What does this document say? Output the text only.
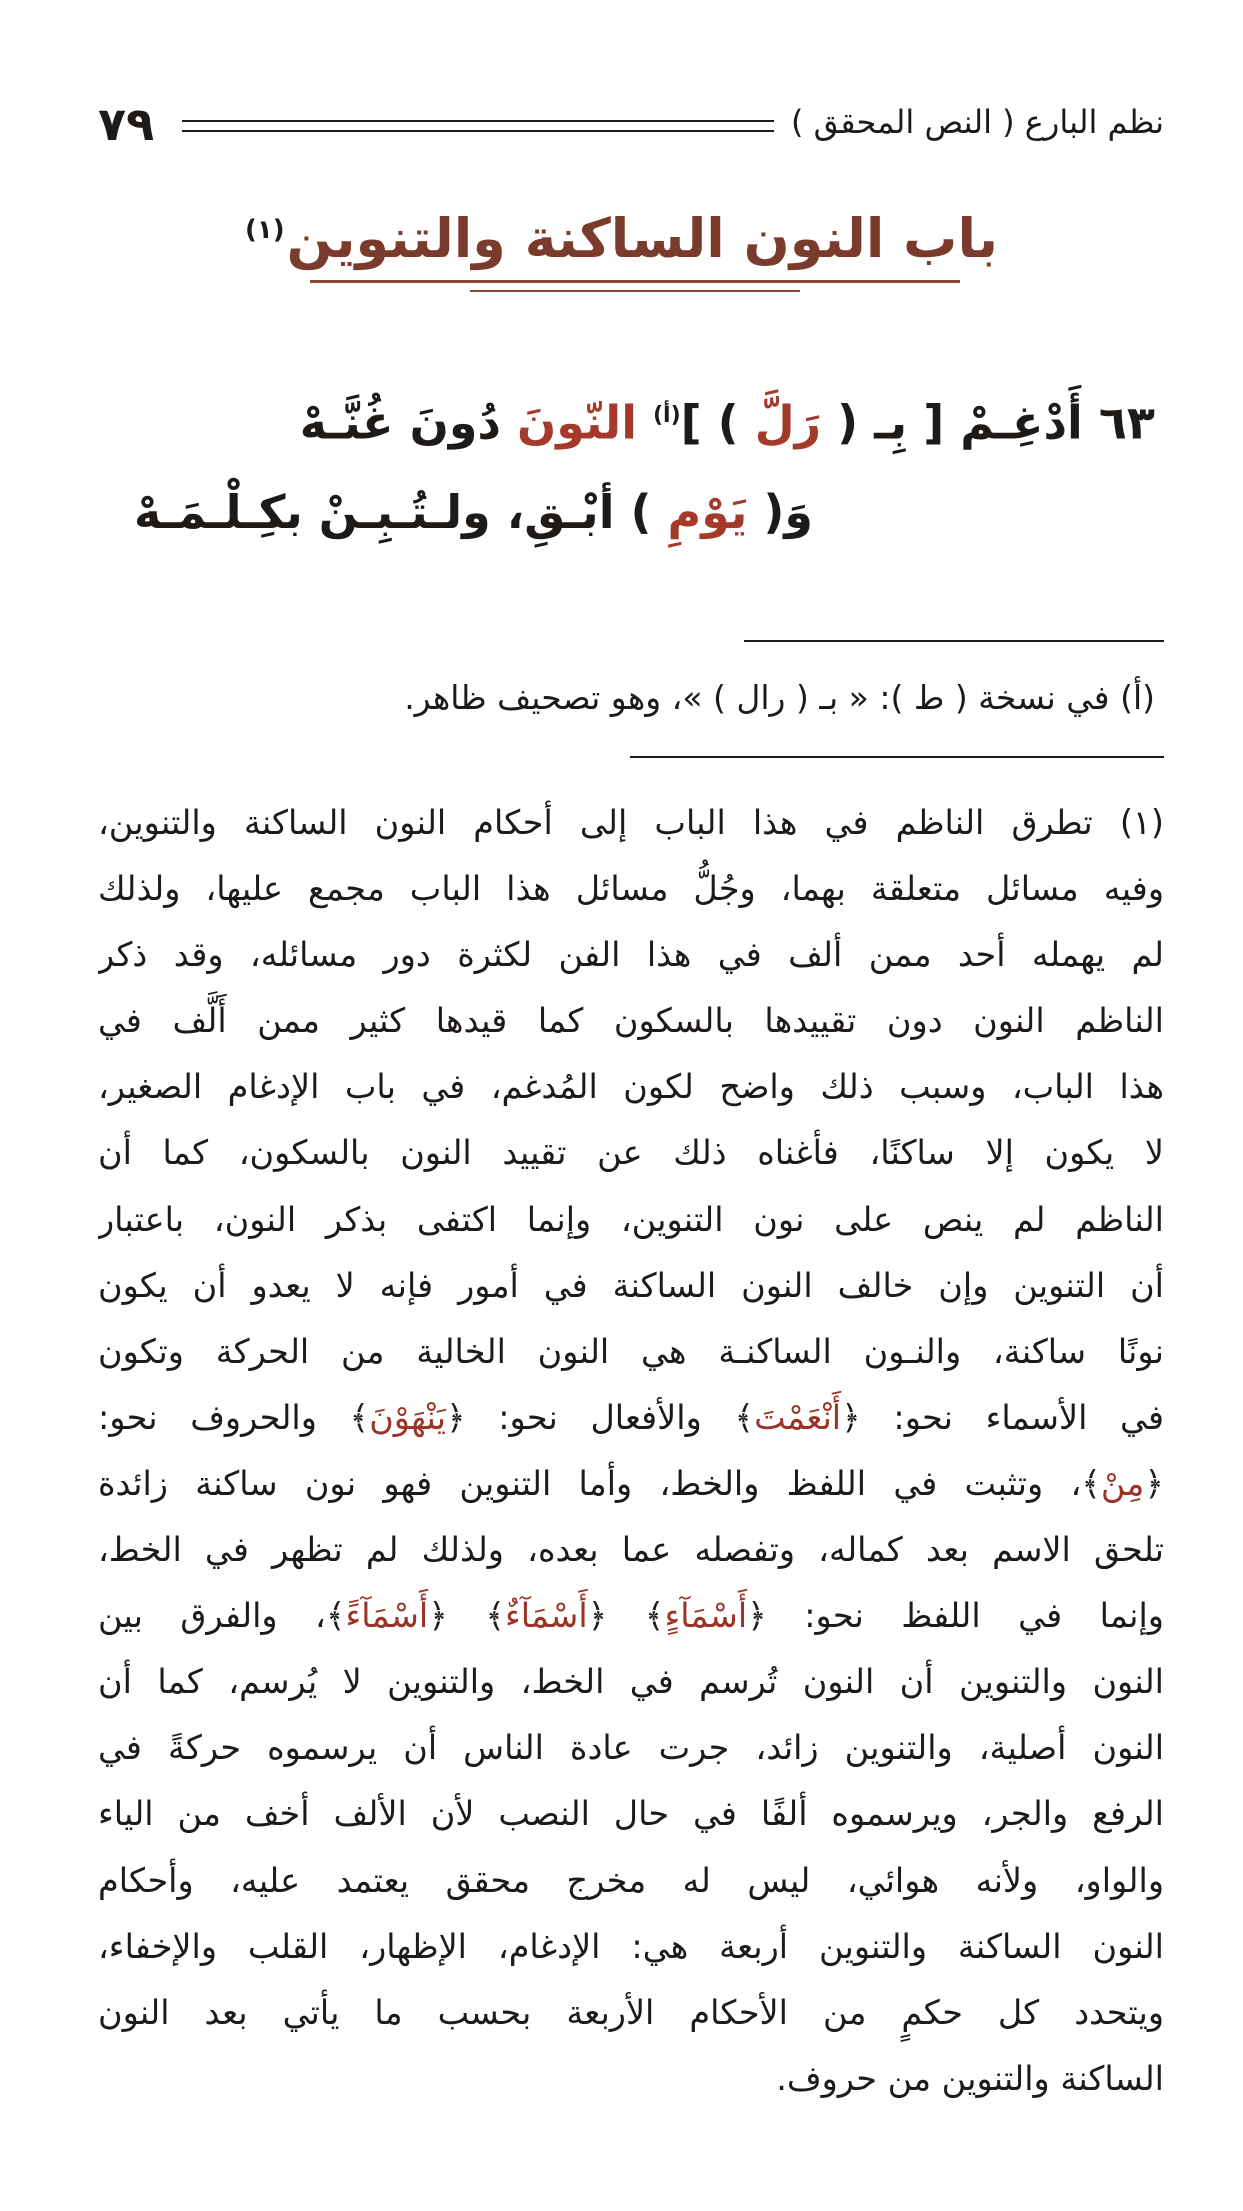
نظم البارع ( النص المحقق )
٧٩
باب النون الساكنة والتنوين$^{(١)}$
٦٣ أَدْغِـمْ [ بِـ ( رَلَّ ) ]$^{(أ)}$ النّونَ دُونَ غُنَّـهْ
وَ( يَوْمِ ) أبْـقِ، ولـتُـبِـنْ بكِـلْـمَـهْ
(أ) في نسخة ( ط ): « بـ ( رال ) »، وهو تصحيف ظاهر.
(١) تطرق الناظم في هذا الباب إلى أحكام النون الساكنة والتنوين،
وفيه مسائل متعلقة بهما، وجُلُّ مسائل هذا الباب مجمع عليها، ولذلك
لم يهمله أحد ممن ألف في هذا الفن لكثرة دور مسائله، وقد ذكر
الناظم النون دون تقييدها بالسكون كما قيدها كثير ممن أَلَّف في
هذا الباب، وسبب ذلك واضح لكون المُدغم، في باب الإدغام الصغير،
لا يكون إلا ساكنًا، فأغناه ذلك عن تقييد النون بالسكون، كما أن
الناظم لم ينص على نون التنوين، وإنما اكتفى بذكر النون، باعتبار
أن التنوين وإن خالف النون الساكنة في أمور فإنه لا يعدو أن يكون
نونًا ساكنة، والنـون الساكنـة هي النون الخالية من الحركة وتكون
في الأسماء نحو: ﴿أَنْعَمْتَ﴾ والأفعال نحو: ﴿يَنْهَوْنَ﴾ والحروف نحو:
﴿مِنْ﴾، وتثبت في اللفظ والخط، وأما التنوين فهو نون ساكنة زائدة
تلحق الاسم بعد كماله، وتفصله عما بعده، ولذلك لم تظهر في الخط،
وإنما في اللفظ نحو: ﴿أَسْمَآءٍ﴾ ﴿أَسْمَآءٌ﴾ ﴿أَسْمَآءً﴾، والفرق بين
النون والتنوين أن النون تُرسم في الخط، والتنوين لا يُرسم، كما أن
النون أصلية، والتنوين زائد، جرت عادة الناس أن يرسموه حركةً في
الرفع والجر، ويرسموه ألفًا في حال النصب لأن الألف أخف من الياء
والواو، ولأنه هوائي، ليس له مخرج محقق يعتمد عليه، وأحكام
النون الساكنة والتنوين أربعة هي: الإدغام، الإظهار، القلب والإخفاء،
ويتحدد كل حكمٍ من الأحكام الأربعة بحسب ما يأتي بعد النون
الساكنة والتنوين من حروف.
